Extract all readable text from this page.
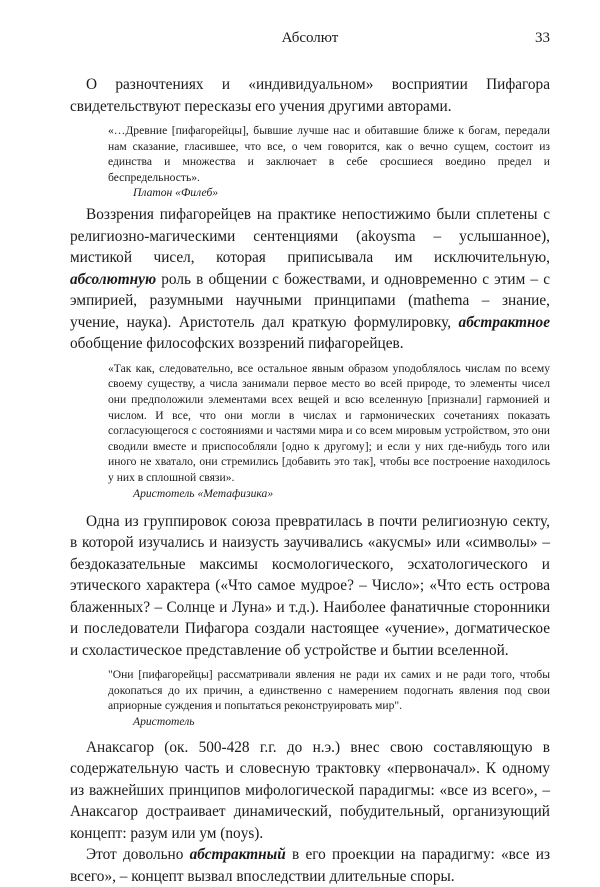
Абсолют	33

О разночтениях и «индивидуальном» восприятии Пифагора свидетельствуют пересказы его учения другими авторами.

«…Древние [пифагорейцы], бывшие лучше нас и обитавшие ближе к богам, передали нам сказание, гласившее, что все, о чем говорится, как о вечно сущем, состоит из единства и множества и заключает в себе сросшиеся воедино предел и беспредельность».
Платон «Филеб»

Воззрения пифагорейцев на практике непостижимо были сплетены с религиозно-магическими сентенциями (akoysma – услышанное), мистикой чисел, которая приписывала им исключительную, абсолютную роль в общении с божествами, и одновременно с этим – с эмпирией, разумными научными принципами (mathema – знание, учение, наука). Аристотель дал краткую формулировку, абстрактное обобщение философских воззрений пифагорейцев.

«Так как, следовательно, все остальное явным образом уподоблялось числам по всему своему существу, а числа занимали первое место во всей природе, то элементы чисел они предположили элементами всех вещей и всю вселенную [признали] гармонией и числом. И все, что они могли в числах и гармонических сочетаниях показать согласующегося с состояниями и частями мира и со всем мировым устройством, это они сводили вместе и приспособляли [одно к другому]; и если у них где-нибудь того или иного не хватало, они стремились [добавить это так], чтобы все построение находилось у них в сплошной связи».
Аристотель «Метафизика»

Одна из группировок союза превратилась в почти религиозную секту, в которой изучались и наизусть заучивались «акусмы» или «символы» – бездоказательные максимы космологического, эсхатологического и этического характера («Что самое мудрое? – Число»; «Что есть острова блаженных? – Солнце и Луна» и т.д.). Наиболее фанатичные сторонники и последователи Пифагора создали настоящее «учение», догматическое и схоластическое представление об устройстве и бытии вселенной.

"Они [пифагорейцы] рассматривали явления не ради их самих и не ради того, чтобы докопаться до их причин, а единственно с намерением подогнать явления под свои априорные суждения и попытаться реконструировать мир".
Аристотель

Анаксагор (ок. 500-428 г.г. до н.э.) внес свою составляющую в содержательную часть и словесную трактовку «первоначал». К одному из важнейших принципов мифологической парадигмы: «все из всего», – Анаксагор достраивает динамический, побудительный, организующий концепт: разум или ум (noys).

Этот довольно абстрактный в его проекции на парадигму: «все из всего», – концепт вызвал впоследствии длительные споры.
